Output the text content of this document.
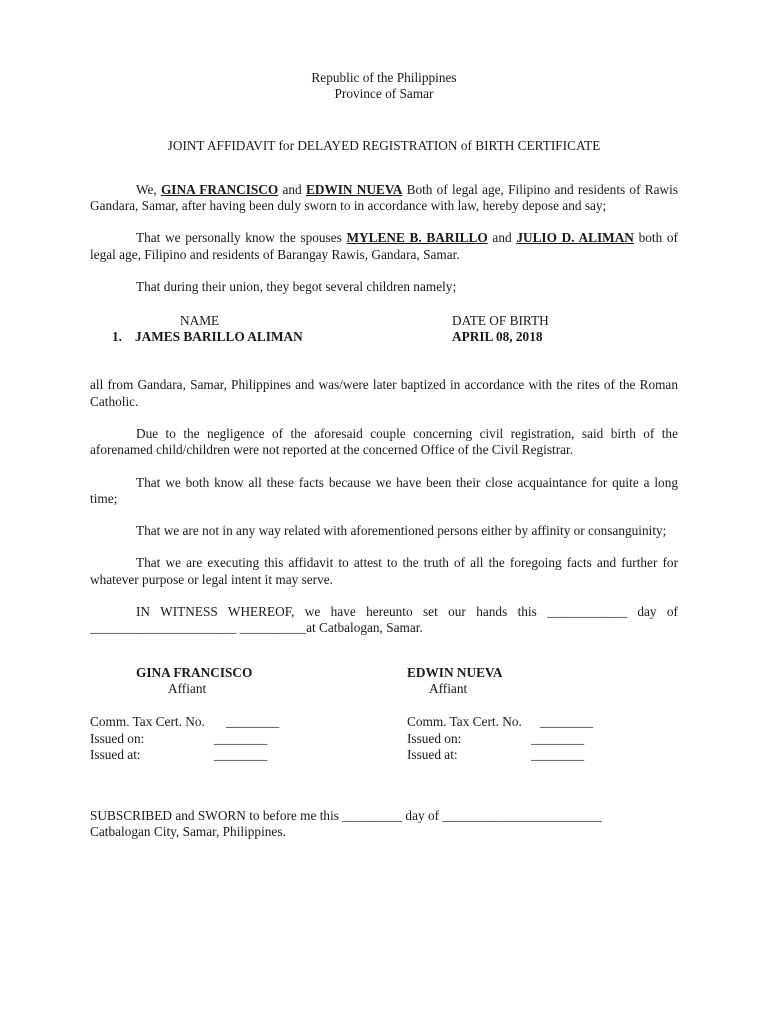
Republic of the Philippines
Province of Samar

JOINT AFFIDAVIT for DELAYED REGISTRATION of BIRTH CERTIFICATE

We, GINA FRANCISCO and EDWIN NUEVA Both of legal age, Filipino and residents of Rawis Gandara, Samar, after having been duly sworn to in accordance with law, hereby depose and say;

That we personally know the spouses MYLENE B. BARILLO and JULIO D. ALIMAN both of legal age, Filipino and residents of Barangay Rawis, Gandara, Samar.

That during their union, they begot several children namely;

NAME	DATE OF BIRTH
1. JAMES BARILLO ALIMAN	APRIL 08, 2018

all from Gandara, Samar, Philippines and was/were later baptized in accordance with the rites of the Roman Catholic.

Due to the negligence of the aforesaid couple concerning civil registration, said birth of the aforenamed child/children were not reported at the concerned Office of the Civil Registrar.

That we both know all these facts because we have been their close acquaintance for quite a long time;

That we are not in any way related with aforementioned persons either by affinity or consanguinity;

That we are executing this affidavit to attest to the truth of all the foregoing facts and further for whatever purpose or legal intent it may serve.

IN WITNESS WHEREOF, we have hereunto set our hands this ____________ day of ______________________ __________at Catbalogan, Samar.

GINA FRANCISCO
Affiant
Comm. Tax Cert. No. ________
Issued on:	________
Issued at:	________
EDWIN NUEVA
Affiant
Comm. Tax Cert. No. ________
Issued on:	________
Issued at:	________

SUBSCRIBED and SWORN to before me this _________ day of ________________________
Catbalogan City, Samar, Philippines.
